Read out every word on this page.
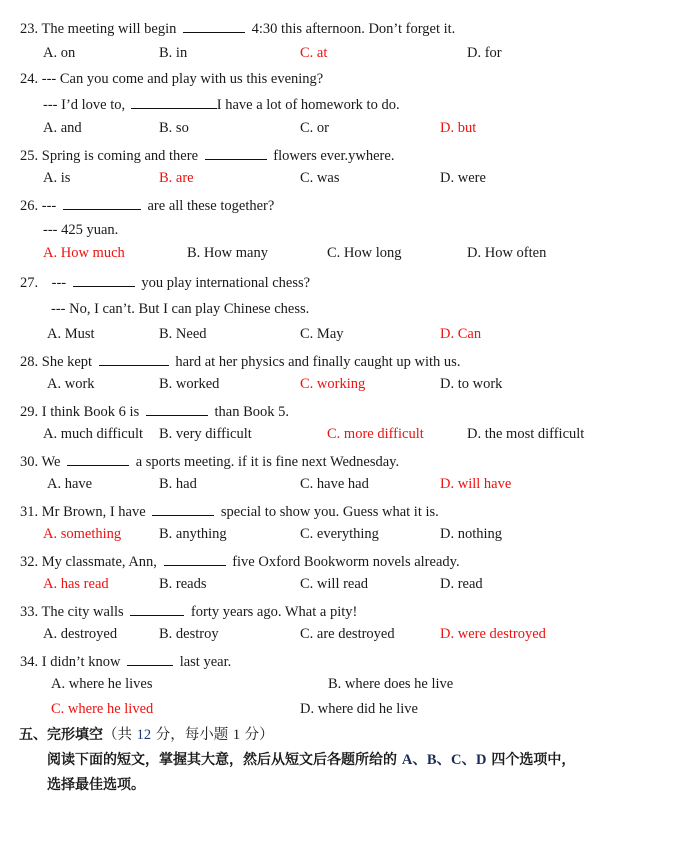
23. The meeting will begin	4:30 this afternoon. Don’t forget it.
A. on	B. in	C. at	D. for
24. --- Can you come and play with us this evening?
--- I’d love to,	I have a lot of homework to do.
A. and	B. so	C. or	D. but
25. Spring is coming and there	flowers ever.ywhere.
A. is	B. are	C. was	D. were
26. ---	are all these together?
--- 425 yuan.
A. How much	B. How many	C. How long	D. How often
27. ---	you play international chess?
--- No, I can’t. But I can play Chinese chess.
A. Must	B. Need	C. May	D. Can
28. She kept	hard at her physics and finally caught up with us.
A. work	B. worked	C. working	D. to work
29. I think Book 6 is	than Book 5.
A. much difficult B. very difficult	C. more difficult	D. the most difficult
30. We	a sports meeting. if it is fine next Wednesday.
A. have	B. had	C. have had	D. will have
31. Mr Brown, I have	special to show you. Guess what it is.
A. something	B. anything	C. everything	D. nothing
32. My classmate, Ann,	five Oxford Bookworm novels already.
A. has read	B. reads	C. will read	D. read
33. The city walls	forty years ago. What a pity!
A. destroyed	B. destroy	C. are destroyed	D. were destroyed
34. I didn’t know	last year.
A. where he lives	B. where does he live
C. where he lived	D. where did he live
五、完形填空（共 12 分，每小题 1 分）
阅读下面的短文，掌握其大意，然后从短文后各题所给的 A、B、C、D 四个选项中，
选择最佳选项。
